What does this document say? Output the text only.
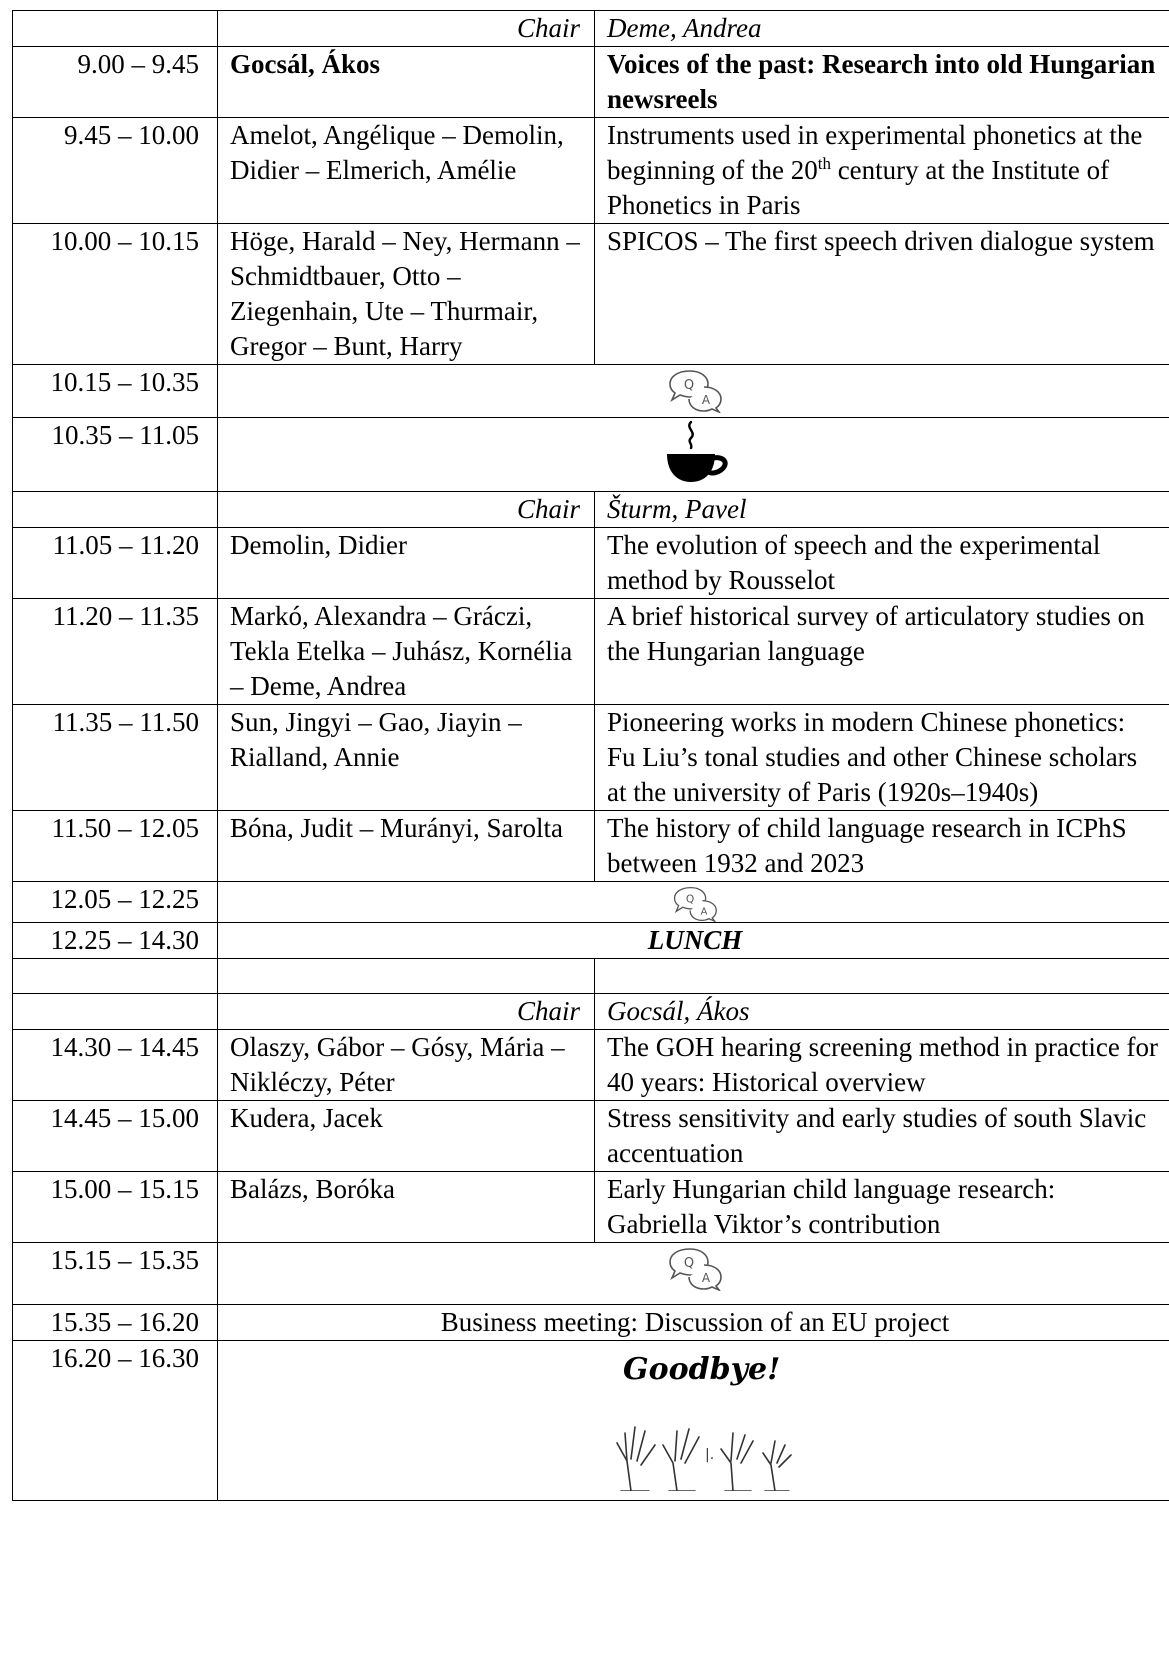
	Chair	Deme, Andrea
9.00 – 9.45	Gocsál, Ákos	Voices of the past: Research into old Hungarian newsreels
9.45 – 10.00	Amelot, Angélique – Demolin, Didier – Elmerich, Amélie	Instruments used in experimental phonetics at the beginning of the 20th century at the Institute of Phonetics in Paris
10.00 – 10.15	Höge, Harald – Ney, Hermann – Schmidtbauer, Otto – Ziegenhain, Ute – Thurmair, Gregor – Bunt, Harry	SPICOS – The first speech driven dialogue system
10.15 – 10.35	Q
A	

10.35 – 11.05	

	Chair	Šturm, Pavel
11.05 – 11.20	Demolin, Didier	The evolution of speech and the experimental method by Rousselot
11.20 – 11.35	Markó, Alexandra – Gráczi, Tekla Etelka – Juhász, Kornélia – Deme, Andrea	A brief historical survey of articulatory studies on the Hungarian language
11.35 – 11.50	Sun, Jingyi – Gao, Jiayin – Rialland, Annie	Pioneering works in modern Chinese phonetics: Fu Liu’s tonal studies and other Chinese scholars at the university of Paris (1920s–1940s)
11.50 – 12.05	Bóna, Judit – Murányi, Sarolta	The history of child language research in ICPhS between 1932 and 2023
12.05 – 12.25	Q
A	

12.25 – 14.30	LUNCH	

	Chair	Gocsál, Ákos
14.30 – 14.45	Olaszy, Gábor – Gósy, Mária – Nikléczy, Péter	The GOH hearing screening method in practice for 40 years: Historical overview
14.45 – 15.00	Kudera, Jacek	Stress sensitivity and early studies of south Slavic accentuation
15.00 – 15.15	Balázs, Boróka	Early Hungarian child language research: Gabriella Viktor’s contribution
15.15 – 15.35	Q
A	

15.35 – 16.20	Business meeting: Discussion of an EU project	
16.20 – 16.30	Goodbye!
|.	
